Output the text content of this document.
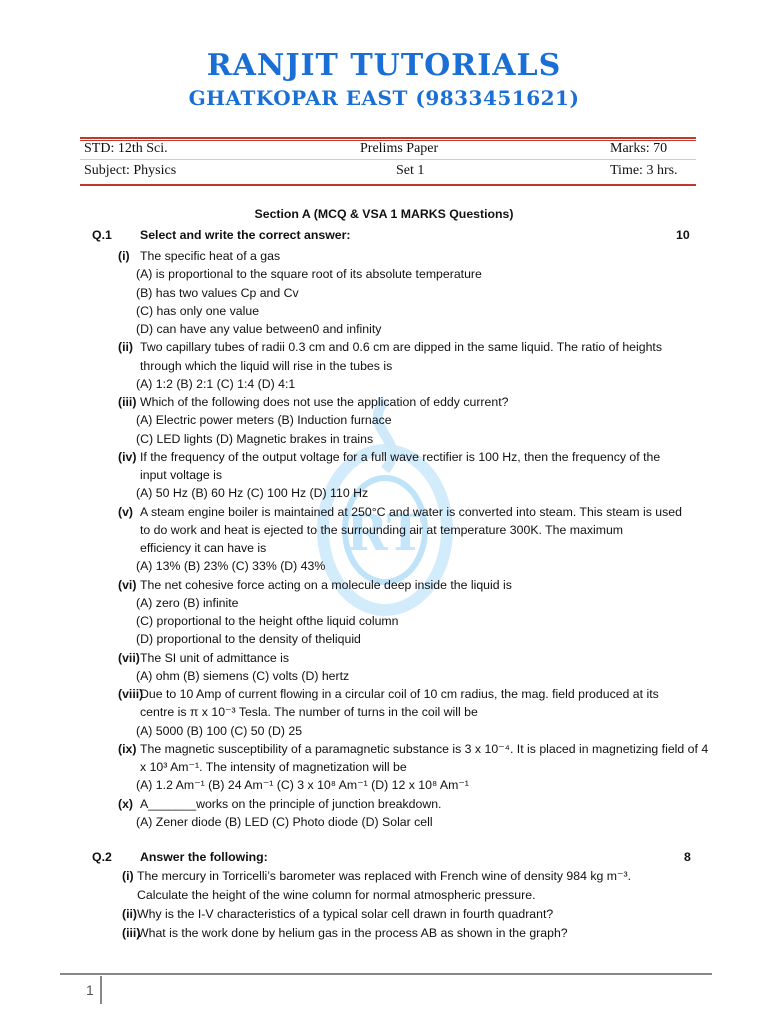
RANJIT TUTORIALS
GHATKOPAR EAST (9833451621)
STD: 12th Sci.	Prelims Paper	Marks: 70
Subject: Physics	Set 1	Time: 3 hrs.
RT
Section A (MCQ & VSA 1 MARKS Questions)
Q.1 Select and write the correct answer:	10
(i) The specific heat of a gas
(A) is proportional to the square root of its absolute temperature
(B) has two values Cp and Cv
(C) has only one value
(D) can have any value between0 and infinity
(ii) Two capillary tubes of radii 0.3 cm and 0.6 cm are dipped in the same liquid. The ratio of heights
through which the liquid will rise in the tubes is
(A) 1:2 (B) 2:1 (C) 1:4 (D) 4:1
(iii) Which of the following does not use the application of eddy current?
(A) Electric power meters (B) Induction furnace
(C) LED lights (D) Magnetic brakes in trains
(iv) If the frequency of the output voltage for a full wave rectifier is 100 Hz, then the frequency of the
input voltage is
(A) 50 Hz (B) 60 Hz (C) 100 Hz (D) 110 Hz
(v) A steam engine boiler is maintained at 250°C and water is converted into steam. This steam is used
to do work and heat is ejected to the surrounding air at temperature 300K. The maximum
efficiency it can have is
(A) 13% (B) 23% (C) 33% (D) 43%
(vi) The net cohesive force acting on a molecule deep inside the liquid is
(A) zero (B) infinite
(C) proportional to the height ofthe liquid column
(D) proportional to the density of theliquid
(vii) The SI unit of admittance is
(A) ohm (B) siemens (C) volts (D) hertz
(viii)
Due to 10 Amp of current flowing in a circular coil of 10 cm radius, the mag. field produced at its
centre is π x 10⁻³ Tesla. The number of turns in the coil will be
(A) 5000 (B) 100 (C) 50 (D) 25
(ix) The magnetic susceptibility of a paramagnetic substance is 3 x 10⁻⁴. It is placed in magnetizing field of 4
x 10³ Am⁻¹. The intensity of magnetization will be
(A) 1.2 Am⁻¹ (B) 24 Am⁻¹ (C) 3 x 10⁸ Am⁻¹ (D) 12 x 10⁸ Am⁻¹
(x) A_______works on the principle of junction breakdown.
(A) Zener diode (B) LED (C) Photo diode (D) Solar cell
Q.2 Answer the following:	8
(i) The mercury in Torricelli’s barometer was replaced with French wine of density 984 kg m⁻³.
Calculate the height of the wine column for normal atmospheric pressure.
(ii) Why is the I-V characteristics of a typical solar cell drawn in fourth quadrant?
(iii)
What is the work done by helium gas in the process AB as shown in the graph?
1
